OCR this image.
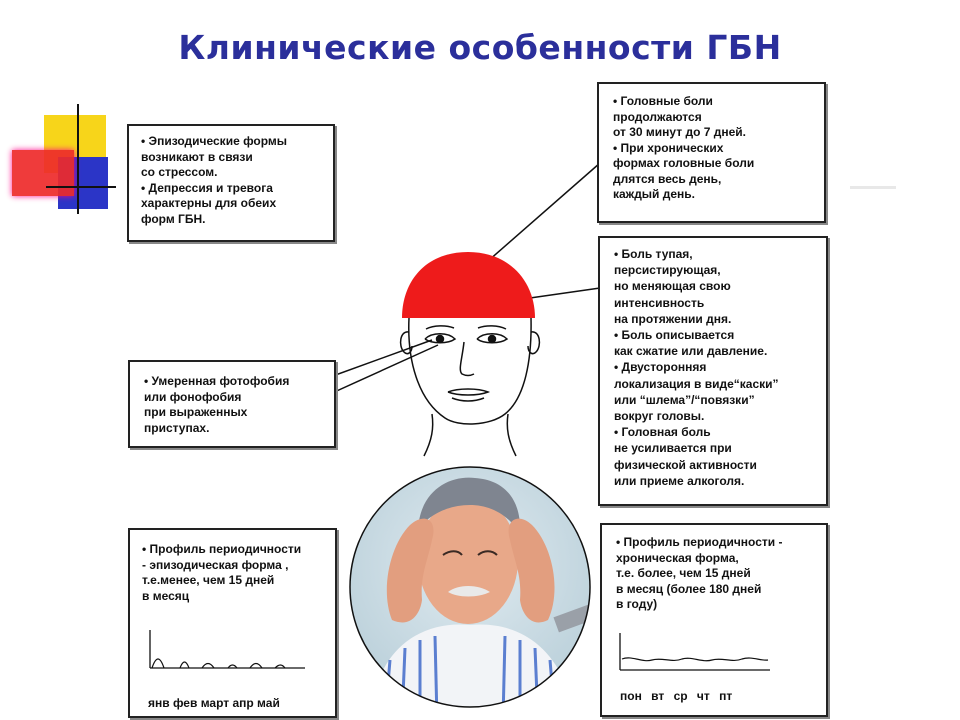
Клинические особенности ГБН
• Эпизодические формы
возникают в связи
со стрессом.
• Депрессия и тревога
характерны для обеих
форм ГБН.
• Головные боли
продолжаются
от 30 минут до 7 дней.
• При хронических
формах головные боли
длятся весь день,
каждый день.
• Умеренная фотофобия
или фонофобия
при выраженных
приступах.
• Боль тупая,
персистирующая,
но меняющая свою
интенсивность
на протяжении дня.
• Боль описывается
как сжатие или давление.
• Двусторонняя
локализация в виде“каски”
или “шлема”/“повязки”
вокруг головы.
• Головная боль
не усиливается при
физической активности
или приеме алкоголя.
• Профиль периодичности
- эпизодическая форма ,
т.е.менее, чем 15 дней
в месяц
янв фев март апр май
• Профиль периодичности -
хроническая форма,
т.е. более, чем 15 дней
в месяц (более 180 дней
в году)
пон вт ср чт пт
